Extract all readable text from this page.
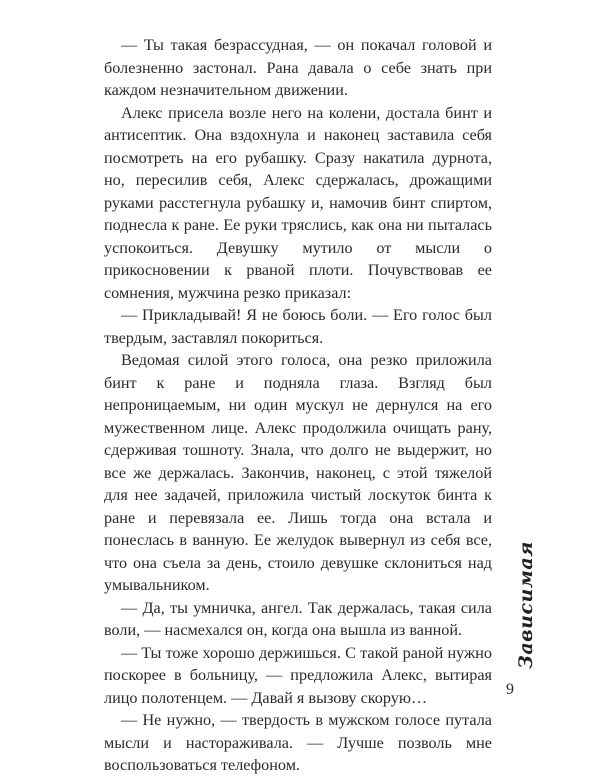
— Ты такая безрассудная, — он покачал головой и болезненно застонал. Рана давала о себе знать при каждом незначительном движении.

Алекс присела возле него на колени, достала бинт и антисептик. Она вздохнула и наконец заставила себя посмотреть на его рубашку. Сразу накатила дурнота, но, пересилив себя, Алекс сдержалась, дрожащими руками расстегнула рубашку и, намочив бинт спиртом, поднесла к ране. Ее руки тряслись, как она ни пыталась успокоиться. Девушку мутило от мысли о прикосновении к рваной плоти. Почувствовав ее сомнения, мужчина резко приказал:

— Прикладывай! Я не боюсь боли. — Его голос был твердым, заставлял покориться.

Ведомая силой этого голоса, она резко приложила бинт к ране и подняла глаза. Взгляд был непроницаемым, ни один мускул не дернулся на его мужественном лице. Алекс продолжила очищать рану, сдерживая тошноту. Знала, что долго не выдержит, но все же держалась. Закончив, наконец, с этой тяжелой для нее задачей, приложила чистый лоскуток бинта к ране и перевязала ее. Лишь тогда она встала и понеслась в ванную. Ее желудок вывернул из себя все, что она съела за день, стоило девушке склониться над умывальником.

— Да, ты умничка, ангел. Так держалась, такая сила воли, — насмехался он, когда она вышла из ванной.

— Ты тоже хорошо держишься. С такой раной нужно поскорее в больницу, — предложила Алекс, вытирая лицо полотенцем. — Давай я вызову скорую…

— Не нужно, — твердость в мужском голосе путала мысли и настораживала. — Лучше позволь мне воспользоваться телефоном.

Зависимая
9
